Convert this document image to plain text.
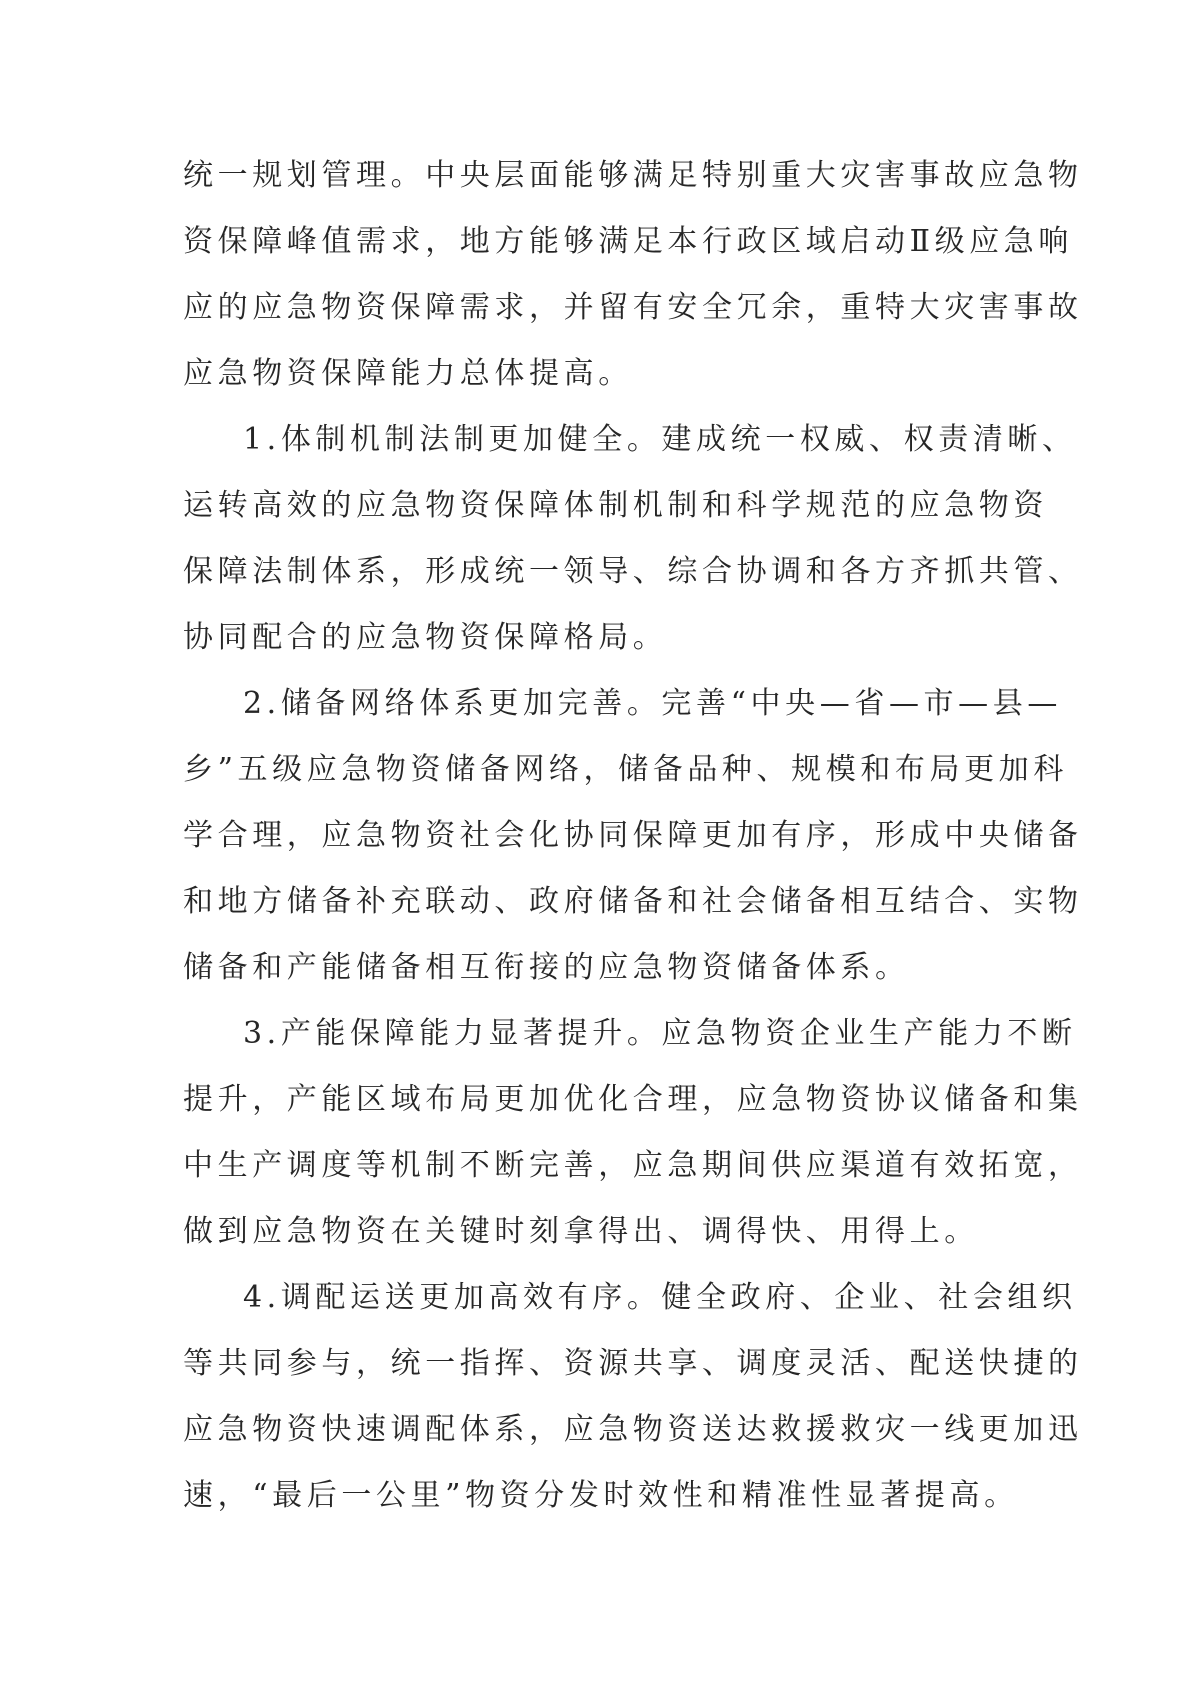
统一规划管理。中央层面能够满足特别重大灾害事故应急物
资保障峰值需求，地方能够满足本行政区域启动Ⅱ级应急响
应的应急物资保障需求，并留有安全冗余，重特大灾害事故
应急物资保障能力总体提高。

1.体制机制法制更加健全。建成统一权威、权责清晰、
运转高效的应急物资保障体制机制和科学规范的应急物资
保障法制体系，形成统一领导、综合协调和各方齐抓共管、
协同配合的应急物资保障格局。

2.储备网络体系更加完善。完善“中央—省—市—县—
乡”五级应急物资储备网络，储备品种、规模和布局更加科
学合理，应急物资社会化协同保障更加有序，形成中央储备
和地方储备补充联动、政府储备和社会储备相互结合、实物
储备和产能储备相互衔接的应急物资储备体系。

3.产能保障能力显著提升。应急物资企业生产能力不断
提升，产能区域布局更加优化合理，应急物资协议储备和集
中生产调度等机制不断完善，应急期间供应渠道有效拓宽，
做到应急物资在关键时刻拿得出、调得快、用得上。

4.调配运送更加高效有序。健全政府、企业、社会组织
等共同参与，统一指挥、资源共享、调度灵活、配送快捷的
应急物资快速调配体系，应急物资送达救援救灾一线更加迅
速，“最后一公里”物资分发时效性和精准性显著提高。
